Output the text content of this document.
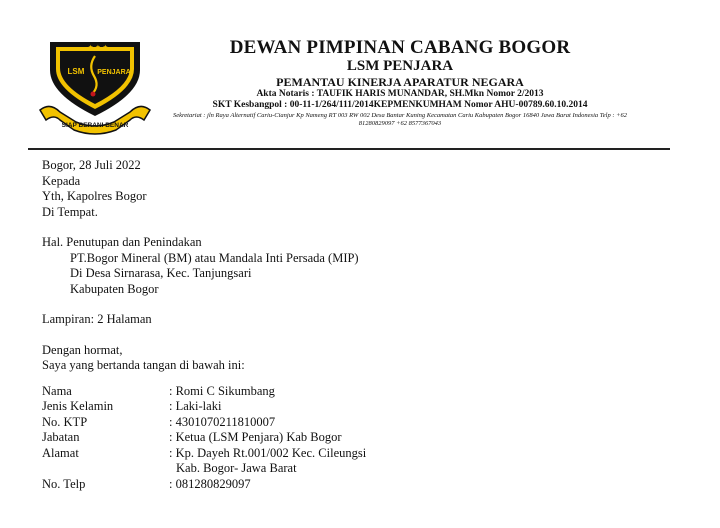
★ ★ ★
LSM PENJARA
SIAP BERANI BENAR
DEWAN PIMPINAN CABANG BOGOR
LSM PENJARA
PEMANTAU KINERJA APARATUR NEGARA
Akta Notaris : TAUFIK HARIS MUNANDAR, SH.Mkn Nomor 2/2013
SKT Kesbangpol : 00-11-1/264/111/2014KEPMENKUMHAM Nomor AHU-00789.60.10.2014
Sekretariat : jln Raya Alternatif Cariu-Cianjur Kp Nameng RT 003 RW 002 Desa Bantar Kuning Kecamatan Cariu Kabupaten Bogor 16840 Jawa Barat Indonesia Telp : +62 81280829097 +62 8577367043
Bogor, 28 Juli 2022
Kepada
Yth, Kapolres Bogor
Di Tempat.
Hal. Penutupan dan Penindakan
PT.Bogor Mineral (BM) atau Mandala Inti Persada (MIP)
Di Desa Sirnarasa, Kec. Tanjungsari
Kabupaten Bogor
Lampiran: 2 Halaman
Dengan hormat,
Saya yang bertanda tangan di bawah ini:
Nama	: Romi C Sikumbang
Jenis Kelamin	: Laki-laki
No. KTP	: 4301070211810007
Jabatan	: Ketua (LSM Penjara) Kab Bogor
Alamat	: Kp. Dayeh Rt.001/002 Kec. Cileungsi
Kab. Bogor- Jawa Barat
No. Telp	: 081280829097
